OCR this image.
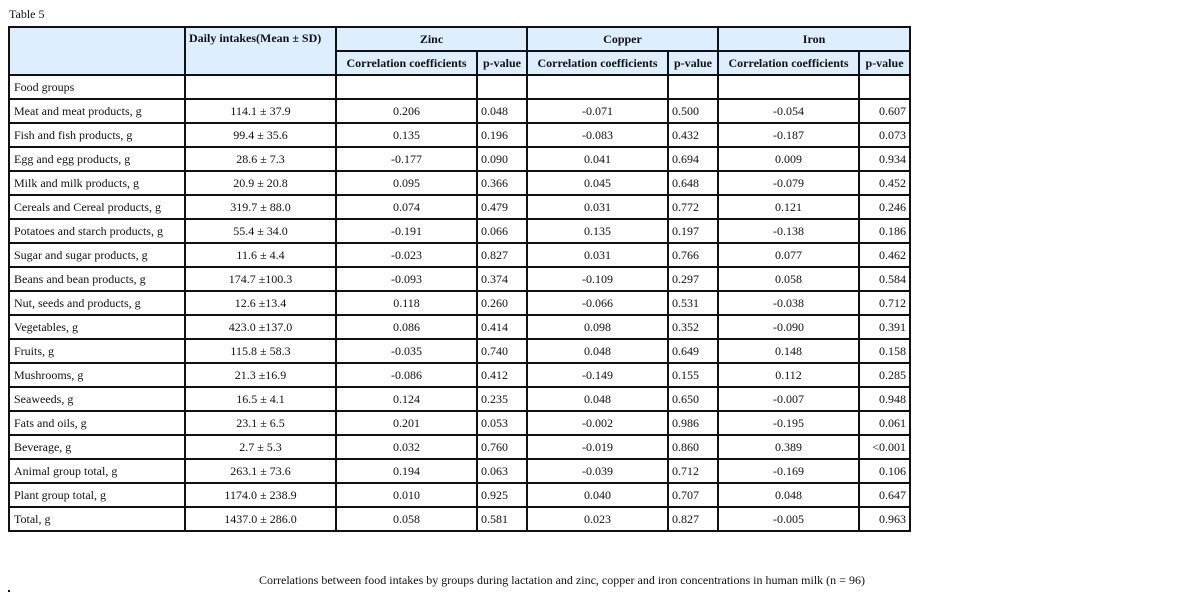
Table 5
	Daily intakes(Mean ± SD)	Zinc		Copper		Iron	
		Correlation coefficients	p-value	Correlation coefficients	p-value	Correlation coefficients	p-value
Food groups							
Meat and meat products, g	114.1 ± 37.9	0.206	0.048	-0.071	0.500	-0.054	0.607
Fish and fish products, g	99.4 ± 35.6	0.135	0.196	-0.083	0.432	-0.187	0.073
Egg and egg products, g	28.6 ± 7.3	-0.177	0.090	0.041	0.694	0.009	0.934
Milk and milk products, g	20.9 ± 20.8	0.095	0.366	0.045	0.648	-0.079	0.452
Cereals and Cereal products, g	319.7 ± 88.0	0.074	0.479	0.031	0.772	0.121	0.246
Potatoes and starch products, g	55.4 ± 34.0	-0.191	0.066	0.135	0.197	-0.138	0.186
Sugar and sugar products, g	11.6 ± 4.4	-0.023	0.827	0.031	0.766	0.077	0.462
Beans and bean products, g	174.7 ±100.3	-0.093	0.374	-0.109	0.297	0.058	0.584
Nut, seeds and products, g	12.6 ±13.4	0.118	0.260	-0.066	0.531	-0.038	0.712
Vegetables, g	423.0 ±137.0	0.086	0.414	0.098	0.352	-0.090	0.391
Fruits, g	115.8 ± 58.3	-0.035	0.740	0.048	0.649	0.148	0.158
Mushrooms, g	21.3 ±16.9	-0.086	0.412	-0.149	0.155	0.112	0.285
Seaweeds, g	16.5 ± 4.1	0.124	0.235	0.048	0.650	-0.007	0.948
Fats and oils, g	23.1 ± 6.5	0.201	0.053	-0.002	0.986	-0.195	0.061
Beverage, g	2.7 ± 5.3	0.032	0.760	-0.019	0.860	0.389	<0.001
Animal group total, g	263.1 ± 73.6	0.194	0.063	-0.039	0.712	-0.169	0.106
Plant group total, g	1174.0 ± 238.9	0.010	0.925	0.040	0.707	0.048	0.647
Total, g	1437.0 ± 286.0	0.058	0.581	0.023	0.827	-0.005	0.963
Correlations between food intakes by groups during lactation and zinc, copper and iron concentrations in human milk (n = 96)
